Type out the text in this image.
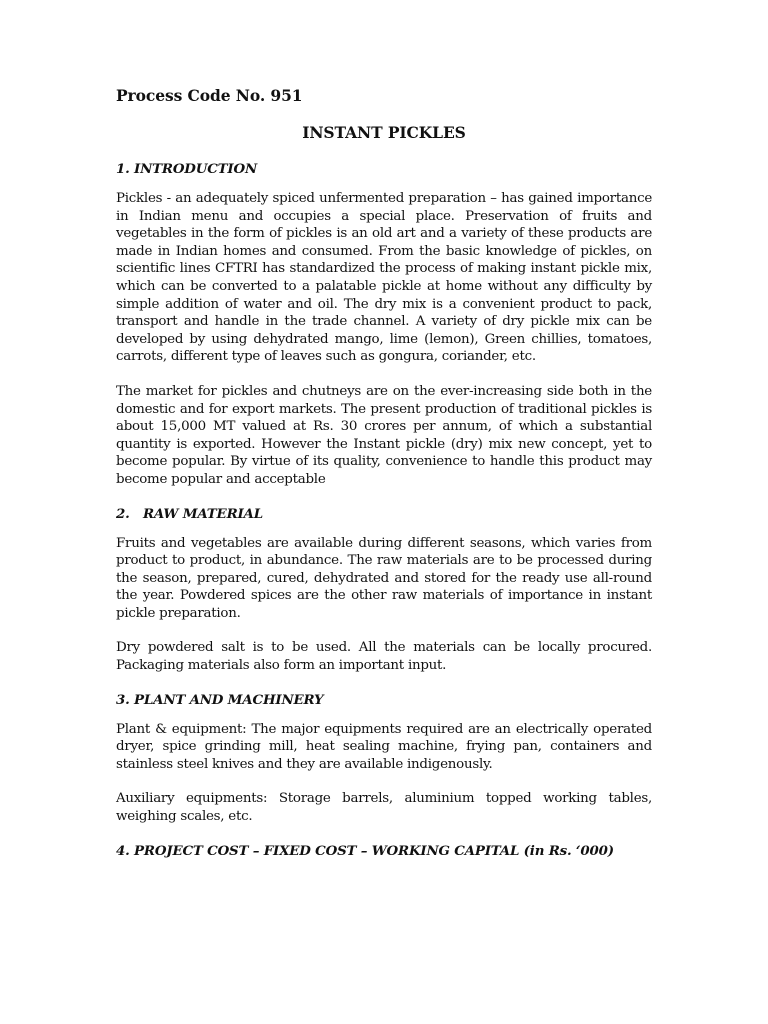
Process Code No. 951
INSTANT PICKLES
1. INTRODUCTION

Pickles - an adequately spiced unfermented preparation – has gained importance in Indian menu and occupies a special place. Preservation of fruits and vegetables in the form of pickles is an old art and a variety of these products are made in Indian homes and consumed. From the basic knowledge of pickles, on scientific lines CFTRI has standardized the process of making instant pickle mix, which can be converted to a palatable pickle at home without any difficulty by simple addition of water and oil. The dry mix is a convenient product to pack, transport and handle in the trade channel. A variety of dry pickle mix can be developed by using dehydrated mango, lime (lemon), Green chillies, tomatoes, carrots, different type of leaves such as gongura, coriander, etc.

The market for pickles and chutneys are on the ever-increasing side both in the domestic and for export markets. The present production of traditional pickles is about 15,000 MT valued at Rs. 30 crores per annum, of which a substantial quantity is exported. However the Instant pickle (dry) mix new concept, yet to become popular. By virtue of its quality, convenience to handle this product may become popular and acceptable

2.   RAW MATERIAL

Fruits and vegetables are available during different seasons, which varies from product to product, in abundance. The raw materials are to be processed during the season, prepared, cured, dehydrated and stored for the ready use all-round the year. Powdered spices are the other raw materials of importance in instant pickle preparation.

Dry powdered salt is to be used. All the materials can be locally procured. Packaging materials also form an important input.

3. PLANT AND MACHINERY

Plant & equipment: The major equipments required are an electrically operated dryer, spice grinding mill, heat sealing machine, frying pan, containers and stainless steel knives and they are available indigenously.

Auxiliary equipments: Storage barrels, aluminium topped working tables, weighing scales, etc.

4. PROJECT COST – FIXED COST – WORKING CAPITAL (in Rs. ‘000)
